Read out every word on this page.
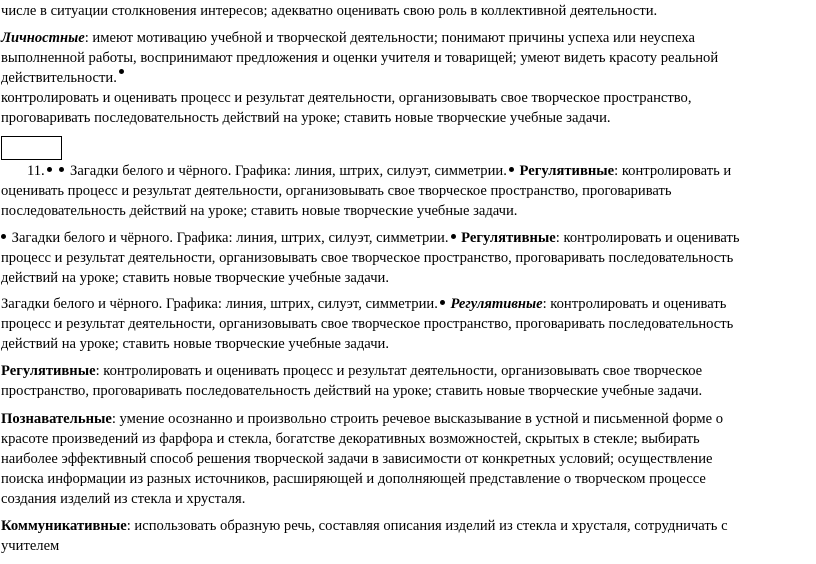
числе в ситуации столкновения интересов; адекватно оценивать свою роль в коллективной деятельности.
Личностные: имеют мотивацию учебной и творческой деятельности; понимают причины успеха или неуспеха
выполненной работы, воспринимают предложения и оценки учителя и товарищей; умеют видеть красоту реальной
действительности.
контролировать и оценивать процесс и результат деятельности, организовывать свое творческое пространство,
проговаривать последовательность действий на уроке; ставить новые творческие учебные задачи.
11.  Загадки белого и чёрного. Графика: линия, штрих, силуэт, симметрии. Регулятивные: контролировать и
оценивать процесс и результат деятельности, организовывать свое творческое пространство, проговаривать
последовательность действий на уроке; ставить новые творческие учебные задачи.
Загадки белого и чёрного. Графика: линия, штрих, силуэт, симметрии. Регулятивные: контролировать и оценивать
процесс и результат деятельности, организовывать свое творческое пространство, проговаривать последовательность
действий на уроке; ставить новые творческие учебные задачи.
Загадки белого и чёрного. Графика: линия, штрих, силуэт, симметрии. Регулятивные: контролировать и оценивать
процесс и результат деятельности, организовывать свое творческое пространство, проговаривать последовательность
действий на уроке; ставить новые творческие учебные задачи.
Регулятивные: контролировать и оценивать процесс и результат деятельности, организовывать свое творческое
пространство, проговаривать последовательность действий на уроке; ставить новые творческие учебные задачи.
Познавательные: умение осознанно и произвольно строить речевое высказывание в устной и письменной форме о
красоте произведений из фарфора и стекла, богатстве декоративных возможностей, скрытых в стекле; выбирать
наиболее эффективный способ решения творческой задачи в зависимости от конкретных условий; осуществление
поиска информации из разных источников, расширяющей и дополняющей представление о творческом процессе
создания изделий из стекла и хрусталя.
Коммуникативные: использовать образную речь, составляя описания изделий из стекла и хрусталя, сотрудничать с
учителем
